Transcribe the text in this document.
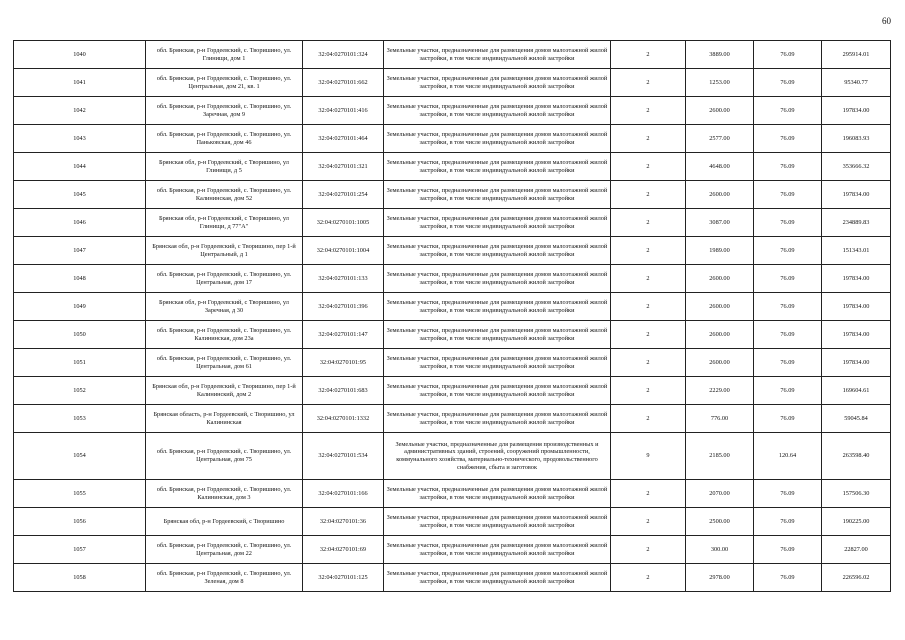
60
1040	обл. Брянская, р-н Гордеевский, с. Творишино, ул. Глинищи, дом 1	32:04:0270101:324	Земельные участки, предназначенные для размещения домов малоэтажной жилой застройки, в том числе индивидуальной жилой застройки	2	3889.00	76.09	295914.01
1041	обл. Брянская, р-н Гордеевский, с. Творишино, ул. Центральная, дом 21, кв. 1	32:04:0270101:662	Земельные участки, предназначенные для размещения домов малоэтажной жилой застройки, в том числе индивидуальной жилой застройки	2	1253.00	76.09	95340.77
1042	обл. Брянская, р-н Гордеевский, с. Творишино, ул. Заречная, дом 9	32:04:0270101:416	Земельные участки, предназначенные для размещения домов малоэтажной жилой застройки, в том числе индивидуальной жилой застройки	2	2600.00	76.09	197834.00
1043	обл. Брянская, р-н Гордеевский, с. Творишино, ул. Паньковская, дом 46	32:04:0270101:464	Земельные участки, предназначенные для размещения домов малоэтажной жилой застройки, в том числе индивидуальной жилой застройки	2	2577.00	76.09	196083.93
1044	Брянская обл, р-н Гордеевский, с Творишино, ул Глинищи, д 5	32:04:0270101:321	Земельные участки, предназначенные для размещения домов малоэтажной жилой застройки, в том числе индивидуальной жилой застройки	2	4648.00	76.09	353666.32
1045	обл. Брянская, р-н Гордеевский, с. Творишино, ул. Калининская, дом 52	32:04:0270101:254	Земельные участки, предназначенные для размещения домов малоэтажной жилой застройки, в том числе индивидуальной жилой застройки	2	2600.00	76.09	197834.00
1046	Брянская обл, р-н Гордеевский, с Творишино, ул Глинищи, д 77"А"	32:04:0270101:1005	Земельные участки, предназначенные для размещения домов малоэтажной жилой застройки, в том числе индивидуальной жилой застройки	2	3087.00	76.09	234889.83
1047	Брянская обл, р-н Гордеевский, с Творишино, пер 1-й Центральный, д 1	32:04:0270101:1004	Земельные участки, предназначенные для размещения домов малоэтажной жилой застройки, в том числе индивидуальной жилой застройки	2	1989.00	76.09	151343.01
1048	обл. Брянская, р-н Гордеевский, с. Творишино, ул. Центральная, дом 17	32:04:0270101:133	Земельные участки, предназначенные для размещения домов малоэтажной жилой застройки, в том числе индивидуальной жилой застройки	2	2600.00	76.09	197834.00
1049	Брянская обл, р-н Гордеевский, с Творишино, ул Заречная, д 30	32:04:0270101:396	Земельные участки, предназначенные для размещения домов малоэтажной жилой застройки, в том числе индивидуальной жилой застройки	2	2600.00	76.09	197834.00
1050	обл. Брянская, р-н Гордеевский, с. Творишино, ул. Калининская, дом 23а	32:04:0270101:147	Земельные участки, предназначенные для размещения домов малоэтажной жилой застройки, в том числе индивидуальной жилой застройки	2	2600.00	76.09	197834.00
1051	обл. Брянская, р-н Гордеевский, с. Творишино, ул. Центральная, дом 61	32:04:0270101:95	Земельные участки, предназначенные для размещения домов малоэтажной жилой застройки, в том числе индивидуальной жилой застройки	2	2600.00	76.09	197834.00
1052	Брянская обл, р-н Гордеевский, с Творишино, пер 1-й Калининский, дом 2	32:04:0270101:683	Земельные участки, предназначенные для размещения домов малоэтажной жилой застройки, в том числе индивидуальной жилой застройки	2	2229.00	76.09	169604.61
1053	Брянская область, р-н Гордеевский, с Творишино, ул Калининская	32:04:0270101:1332	Земельные участки, предназначенные для размещения домов малоэтажной жилой застройки, в том числе индивидуальной жилой застройки	2	776.00	76.09	59045.84
1054	обл. Брянская, р-н Гордеевский, с. Творишино, ул. Центральная, дом 75	32:04:0270101:534	Земельные участки, предназначенные для размещения производственных и административных зданий, строений, сооружений промышленности, коммунального хозяйства, материально-технического, продовольственного снабжения, сбыта и заготовок	9	2185.00	120.64	263598.40
1055	обл. Брянская, р-н Гордеевский, с. Творишино, ул. Калининская, дом 3	32:04:0270101:166	Земельные участки, предназначенные для размещения домов малоэтажной жилой застройки, в том числе индивидуальной жилой застройки	2	2070.00	76.09	157506.30
1056	Брянская обл, р-н Гордеевский, с Творишино	32:04:0270101:36	Земельные участки, предназначенные для размещения домов малоэтажной жилой застройки, в том числе индивидуальной жилой застройки	2	2500.00	76.09	190225.00
1057	обл. Брянская, р-н Гордеевский, с. Творишино, ул. Центральная, дом 22	32:04:0270101:69	Земельные участки, предназначенные для размещения домов малоэтажной жилой застройки, в том числе индивидуальной жилой застройки	2	300.00	76.09	22827.00
1058	обл. Брянская, р-н Гордеевский, с. Творишино, ул. Зеленая, дом 8	32:04:0270101:125	Земельные участки, предназначенные для размещения домов малоэтажной жилой застройки, в том числе индивидуальной жилой застройки	2	2978.00	76.09	226596.02
